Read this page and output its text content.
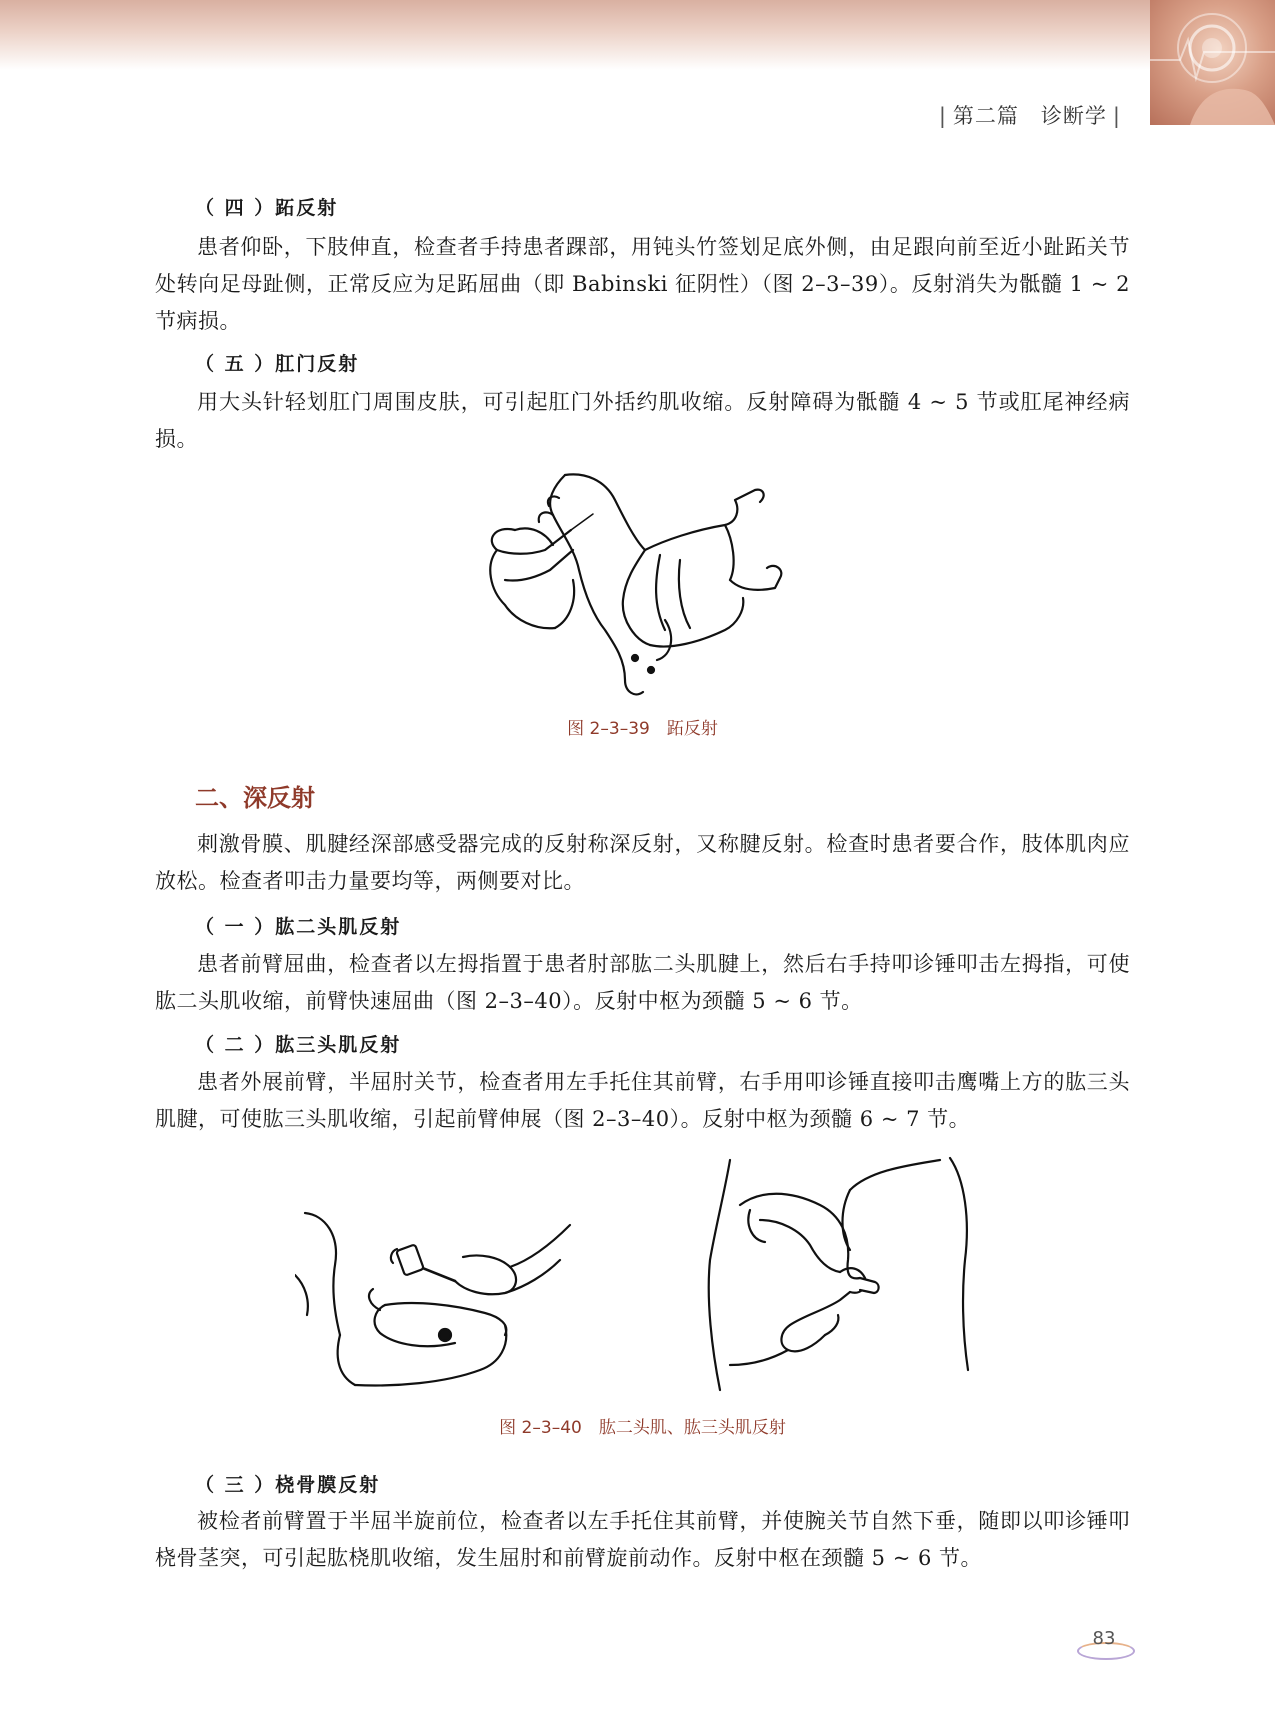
| 第二篇　诊断学 |
（ 四 ）跖反射
患者仰卧，下肢伸直，检查者手持患者踝部，用钝头竹签划足底外侧，由足跟向前至近小趾跖关节处转向足母趾侧，正常反应为足跖屈曲（即 Babinski 征阴性）（图 2–3–39）。反射消失为骶髓 1 ~ 2 节病损。
（ 五 ）肛门反射
用大头针轻划肛门周围皮肤，可引起肛门外括约肌收缩。反射障碍为骶髓 4 ~ 5 节或肛尾神经病损。
图 2–3–39　跖反射
二、深反射
刺激骨膜、肌腱经深部感受器完成的反射称深反射，又称腱反射。检查时患者要合作，肢体肌肉应放松。检查者叩击力量要均等，两侧要对比。
（ 一 ）肱二头肌反射
患者前臂屈曲，检查者以左拇指置于患者肘部肱二头肌腱上，然后右手持叩诊锤叩击左拇指，可使肱二头肌收缩，前臂快速屈曲（图 2–3–40）。反射中枢为颈髓 5 ~ 6 节。
（ 二 ）肱三头肌反射
患者外展前臂，半屈肘关节，检查者用左手托住其前臂，右手用叩诊锤直接叩击鹰嘴上方的肱三头肌腱，可使肱三头肌收缩，引起前臂伸展（图 2–3–40）。反射中枢为颈髓 6 ~ 7 节。
图 2–3–40　肱二头肌、肱三头肌反射
（ 三 ）桡骨膜反射
被检者前臂置于半屈半旋前位，检查者以左手托住其前臂，并使腕关节自然下垂，随即以叩诊锤叩桡骨茎突，可引起肱桡肌收缩，发生屈肘和前臂旋前动作。反射中枢在颈髓 5 ~ 6 节。
83
